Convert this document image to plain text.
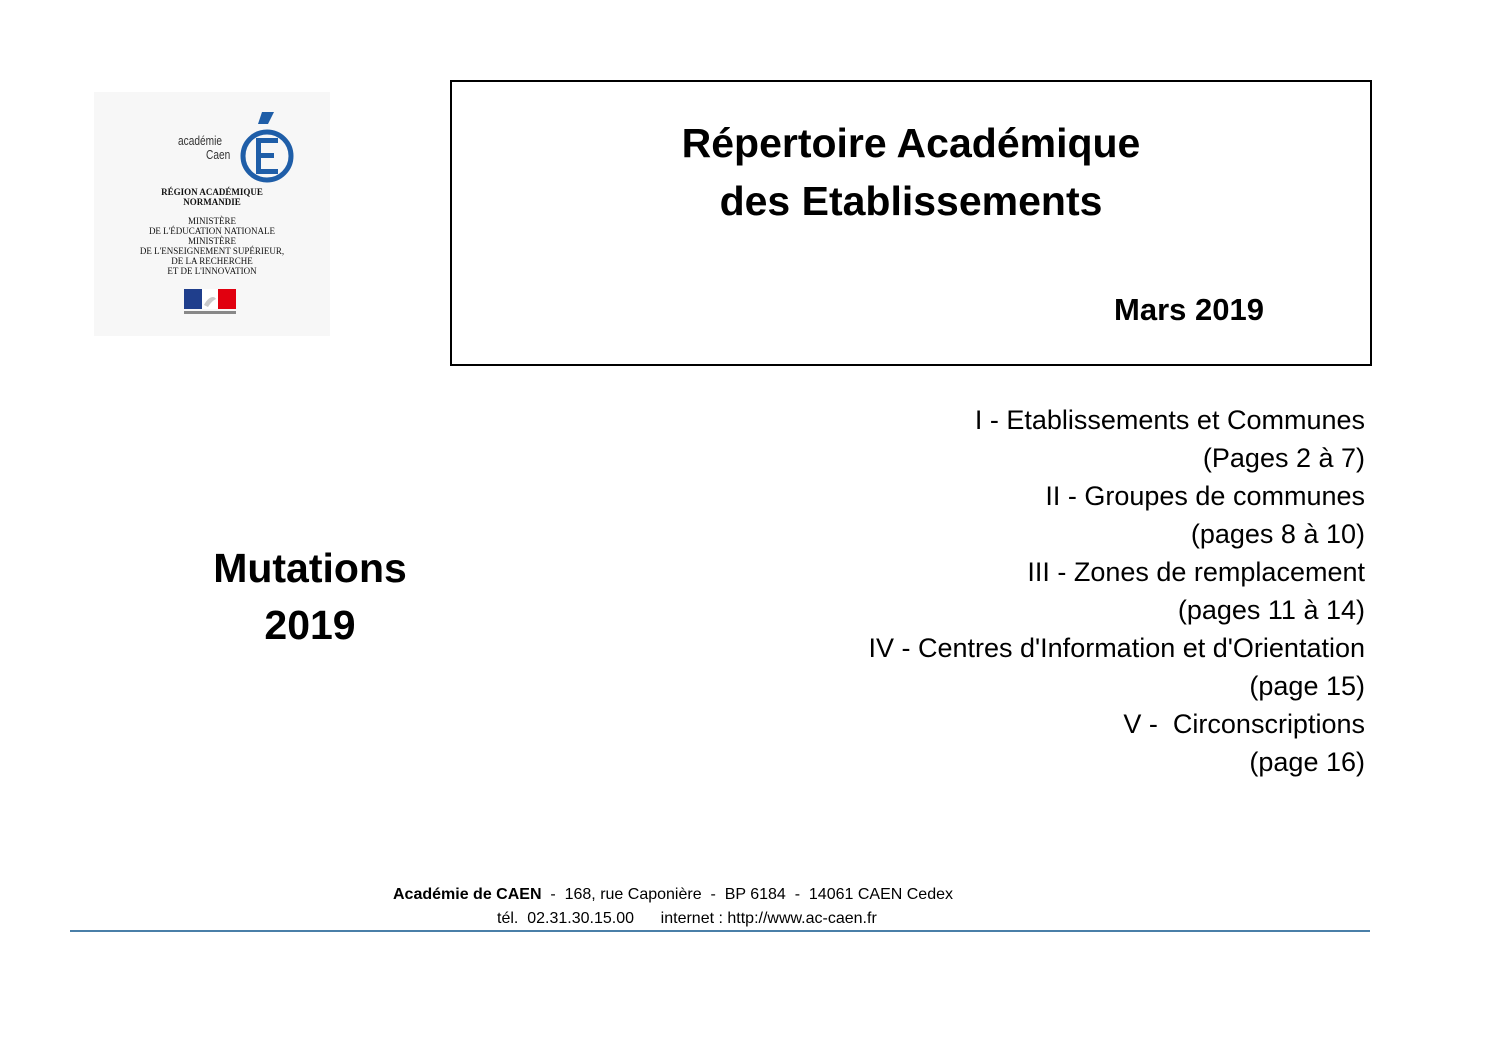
académie
Caen
RÉGION ACADÉMIQUE
NORMANDIE
MINISTÈRE
DE L'ÉDUCATION NATIONALE
MINISTÈRE
DE L'ENSEIGNEMENT SUPÉRIEUR,
DE LA RECHERCHE
ET DE L'INNOVATION
Répertoire Académique
des Etablissements
Mars 2019
Mutations
2019
I - Etablissements et Communes
(Pages 2 à 7)
II - Groupes de communes
(pages 8 à 10)
III - Zones de remplacement
(pages 11 à 14)
IV - Centres d'Information et d'Orientation
(page 15)
V -  Circonscriptions
(page 16)
Académie de CAEN  -  168, rue Caponière  -  BP 6184  -  14061 CAEN Cedex
tél.  02.31.30.15.00      internet : http://www.ac-caen.fr
